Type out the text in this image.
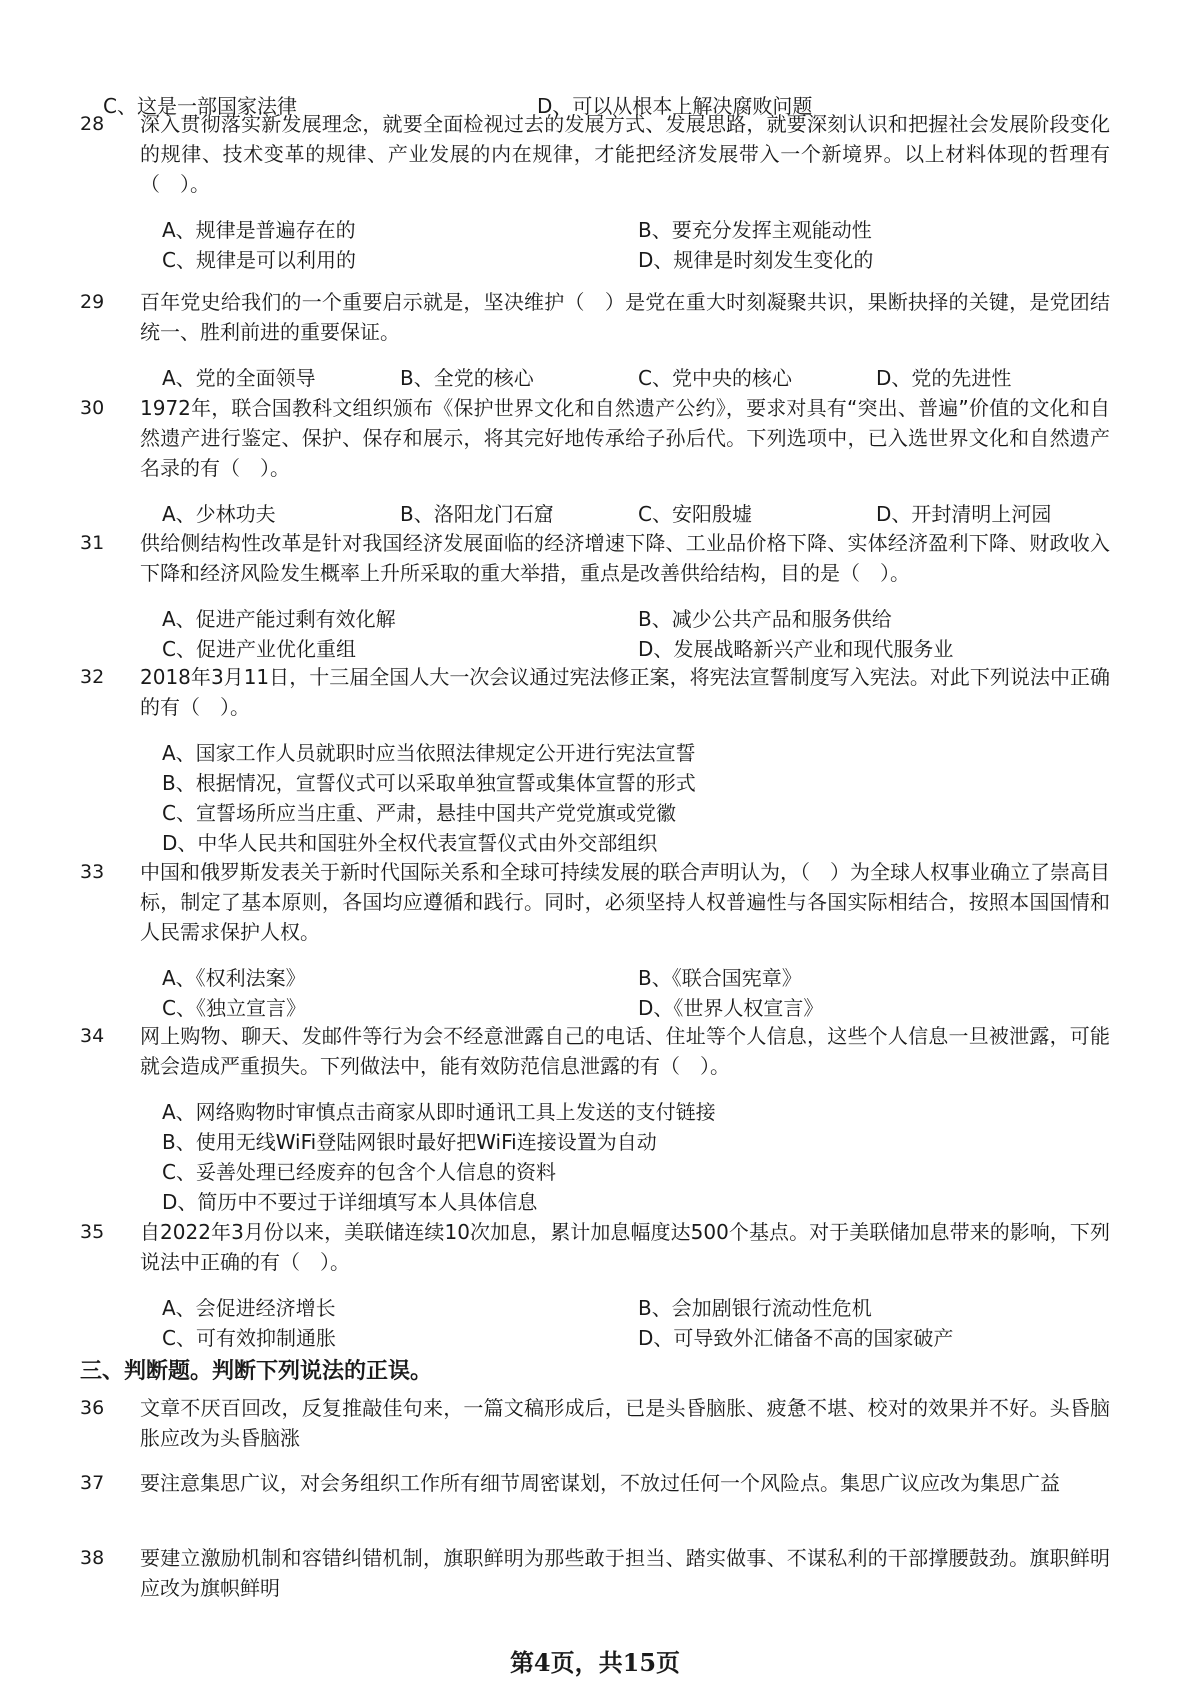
C、这是一部国家法律	D、可以从根本上解决腐败问题
28	深入贯彻落实新发展理念，就要全面检视过去的发展方式、发展思路，就要深刻认识和把握社会发展阶段变化的规律、技术变革的规律、产业发展的内在规律，才能把经济发展带入一个新境界。以上材料体现的哲理有（　）。
A、规律是普遍存在的	B、要充分发挥主观能动性
C、规律是可以利用的	D、规律是时刻发生变化的
29	百年党史给我们的一个重要启示就是，坚决维护（　）是党在重大时刻凝聚共识，果断抉择的关键，是党团结统一、胜利前进的重要保证。
A、党的全面领导	B、全党的核心	C、党中央的核心	D、党的先进性
30	1972年，联合国教科文组织颁布《保护世界文化和自然遗产公约》，要求对具有“突出、普遍”价值的文化和自然遗产进行鉴定、保护、保存和展示，将其完好地传承给子孙后代。下列选项中，已入选世界文化和自然遗产名录的有（　）。
A、少林功夫	B、洛阳龙门石窟	C、安阳殷墟	D、开封清明上河园
31	供给侧结构性改革是针对我国经济发展面临的经济增速下降、工业品价格下降、实体经济盈利下降、财政收入下降和经济风险发生概率上升所采取的重大举措，重点是改善供给结构，目的是（　）。
A、促进产能过剩有效化解	B、减少公共产品和服务供给
C、促进产业优化重组	D、发展战略新兴产业和现代服务业
32	2018年3月11日，十三届全国人大一次会议通过宪法修正案，将宪法宣誓制度写入宪法。对此下列说法中正确的有（　）。
A、国家工作人员就职时应当依照法律规定公开进行宪法宣誓
B、根据情况，宣誓仪式可以采取单独宣誓或集体宣誓的形式
C、宣誓场所应当庄重、严肃，悬挂中国共产党党旗或党徽
D、中华人民共和国驻外全权代表宣誓仪式由外交部组织
33	中国和俄罗斯发表关于新时代国际关系和全球可持续发展的联合声明认为，（　）为全球人权事业确立了崇高目标，制定了基本原则，各国均应遵循和践行。同时，必须坚持人权普遍性与各国实际相结合，按照本国国情和人民需求保护人权。
A、《权利法案》	B、《联合国宪章》
C、《独立宣言》	D、《世界人权宣言》
34	网上购物、聊天、发邮件等行为会不经意泄露自己的电话、住址等个人信息，这些个人信息一旦被泄露，可能就会造成严重损失。下列做法中，能有效防范信息泄露的有（　）。
A、网络购物时审慎点击商家从即时通讯工具上发送的支付链接
B、使用无线WiFi登陆网银时最好把WiFi连接设置为自动
C、妥善处理已经废弃的包含个人信息的资料
D、简历中不要过于详细填写本人具体信息
35	自2022年3月份以来，美联储连续10次加息，累计加息幅度达500个基点。对于美联储加息带来的影响，下列说法中正确的有（　）。
A、会促进经济增长	B、会加剧银行流动性危机
C、可有效抑制通胀	D、可导致外汇储备不高的国家破产
三、判断题。判断下列说法的正误。
36	文章不厌百回改，反复推敲佳句来，一篇文稿形成后，已是头昏脑胀、疲惫不堪、校对的效果并不好。头昏脑胀应改为头昏脑涨
37	要注意集思广议，对会务组织工作所有细节周密谋划，不放过任何一个风险点。集思广议应改为集思广益
38	要建立激励机制和容错纠错机制，旗职鲜明为那些敢于担当、踏实做事、不谋私利的干部撑腰鼓劲。旗职鲜明应改为旗帜鲜明
第4页，共15页
